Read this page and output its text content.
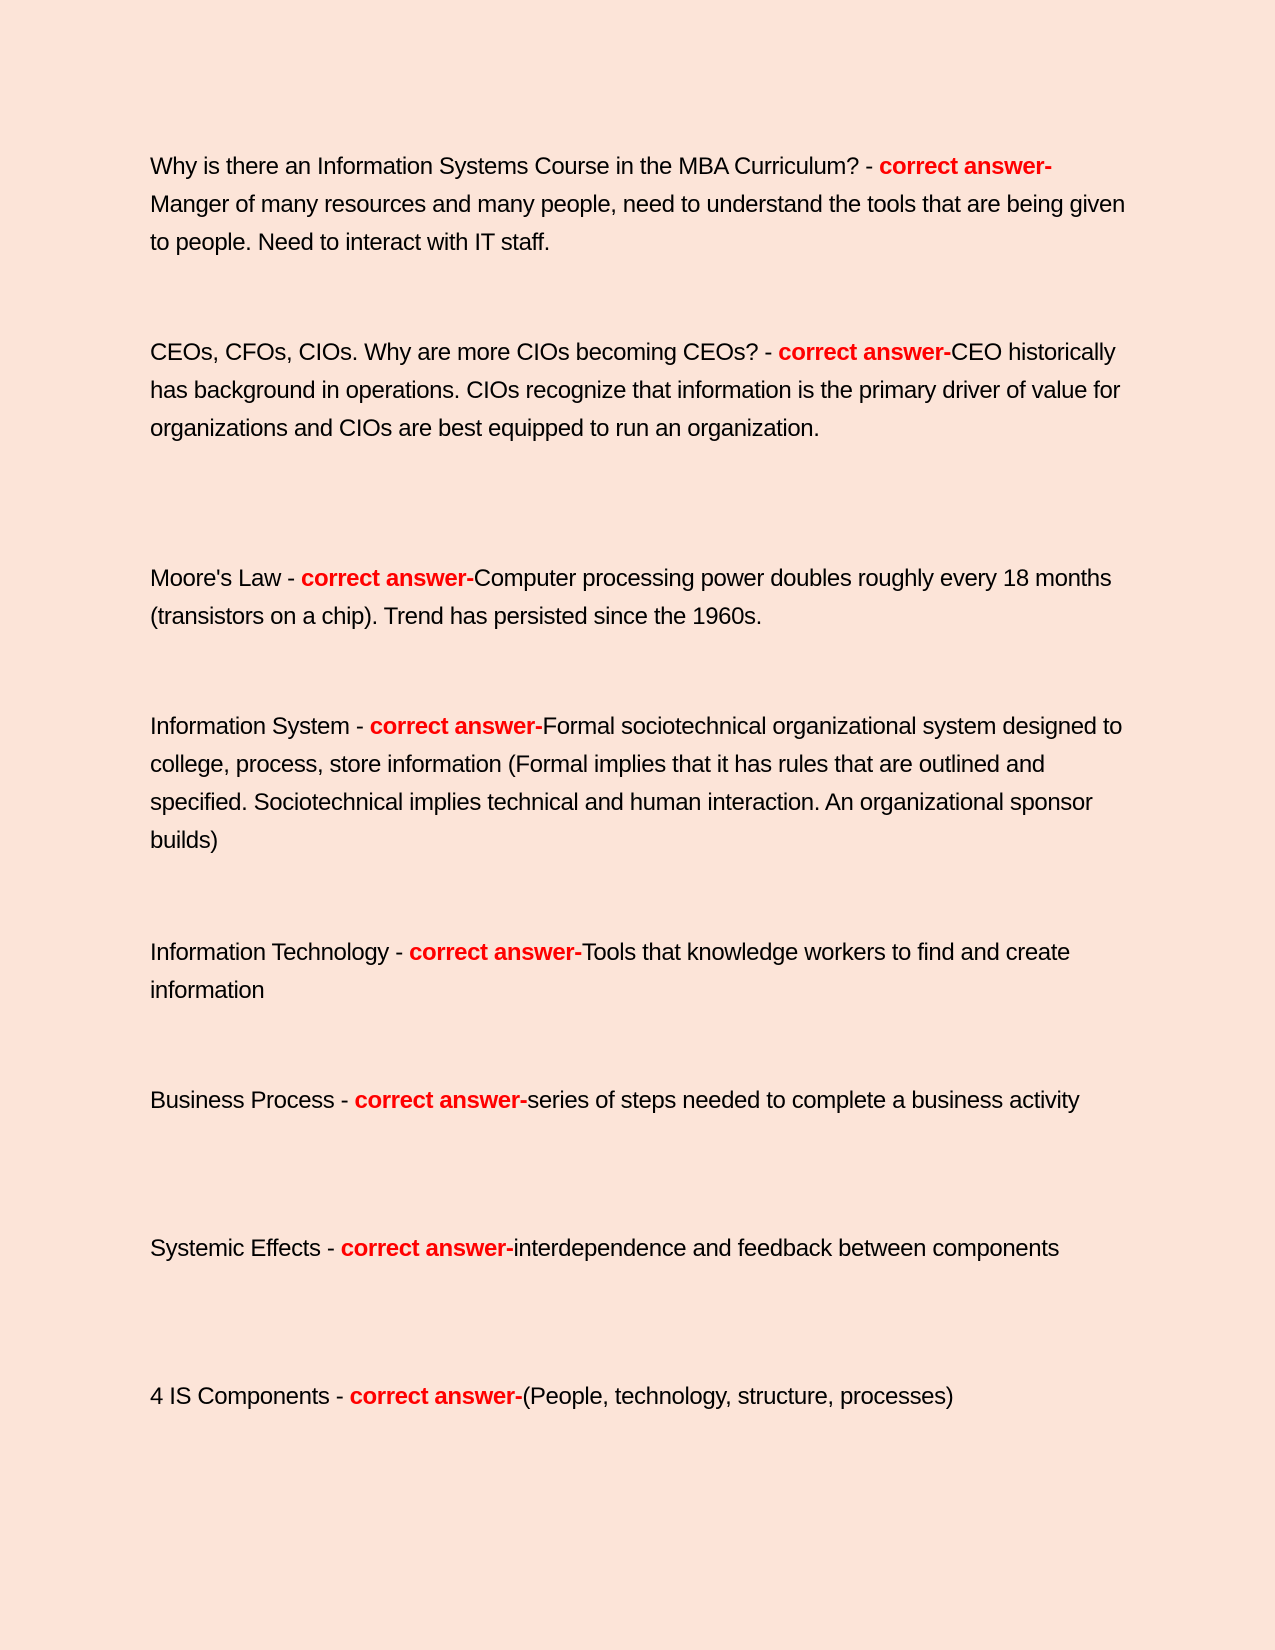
Why is there an Information Systems Course in the MBA Curriculum? - correct answer-Manger of many resources and many people, need to understand the tools that are being given to people. Need to interact with IT staff.

CEOs, CFOs, CIOs. Why are more CIOs becoming CEOs? - correct answer-CEO historically has background in operations. CIOs recognize that information is the primary driver of value for organizations and CIOs are best equipped to run an organization.

Moore's Law - correct answer-Computer processing power doubles roughly every 18 months (transistors on a chip). Trend has persisted since the 1960s.

Information System - correct answer-Formal sociotechnical organizational system designed to college, process, store information (Formal implies that it has rules that are outlined and specified. Sociotechnical implies technical and human interaction. An organizational sponsor builds)

Information Technology - correct answer-Tools that knowledge workers to find and create information

Business Process - correct answer-series of steps needed to complete a business activity

Systemic Effects - correct answer-interdependence and feedback between components

4 IS Components - correct answer-(People, technology, structure, processes)
